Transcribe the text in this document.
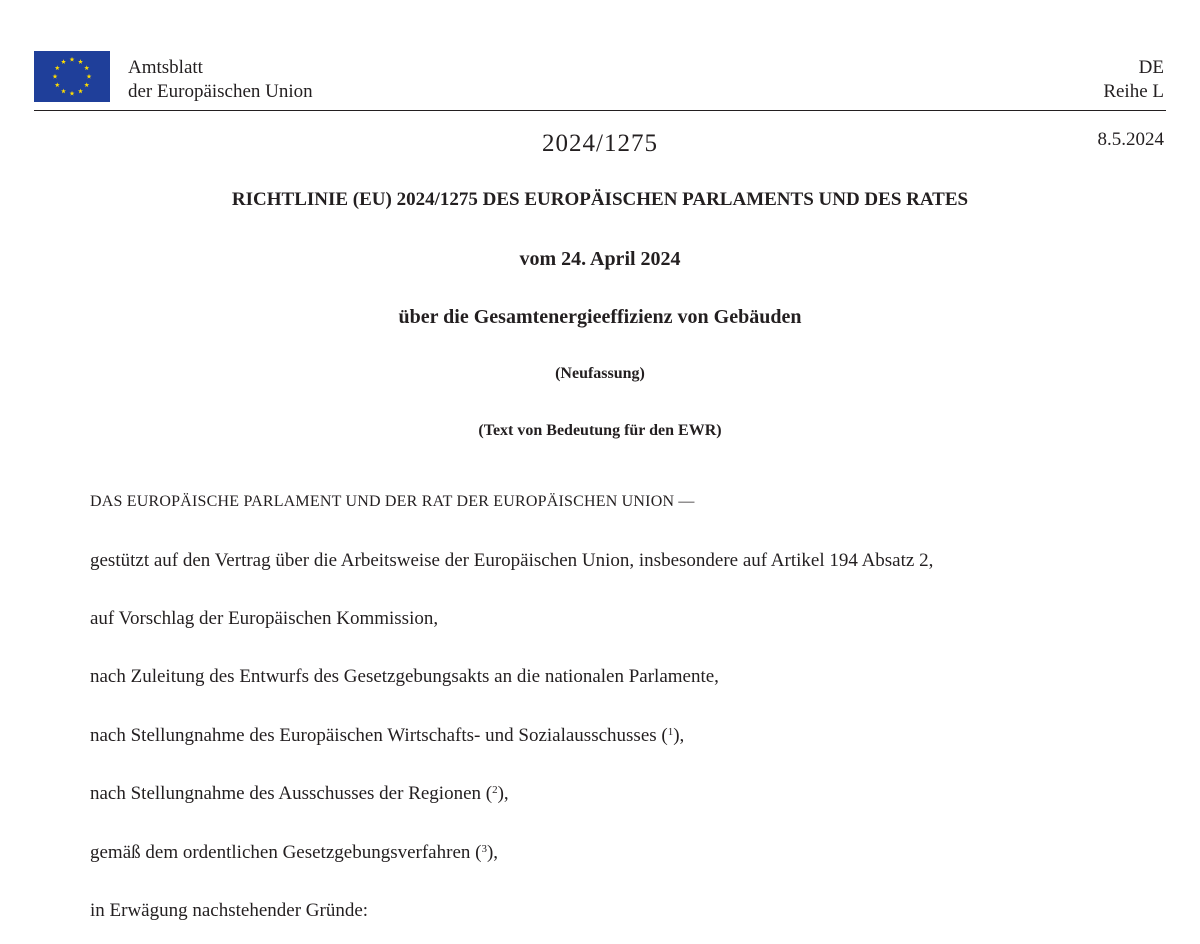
Amtsblatt
der Europäischen Union
DE
Reihe L
2024/1275	8.5.2024
RICHTLINIE (EU) 2024/1275 DES EUROPÄISCHEN PARLAMENTS UND DES RATES
vom 24. April 2024
über die Gesamtenergieeffizienz von Gebäuden
(Neufassung)
(Text von Bedeutung für den EWR)
DAS EUROPÄISCHE PARLAMENT UND DER RAT DER EUROPÄISCHEN UNION —
gestützt auf den Vertrag über die Arbeitsweise der Europäischen Union, insbesondere auf Artikel 194 Absatz 2,
auf Vorschlag der Europäischen Kommission,
nach Zuleitung des Entwurfs des Gesetzgebungsakts an die nationalen Parlamente,
nach Stellungnahme des Europäischen Wirtschafts- und Sozialausschusses ($^1$),
nach Stellungnahme des Ausschusses der Regionen ($^2$),
gemäß dem ordentlichen Gesetzgebungsverfahren ($^3$),
in Erwägung nachstehender Gründe:
